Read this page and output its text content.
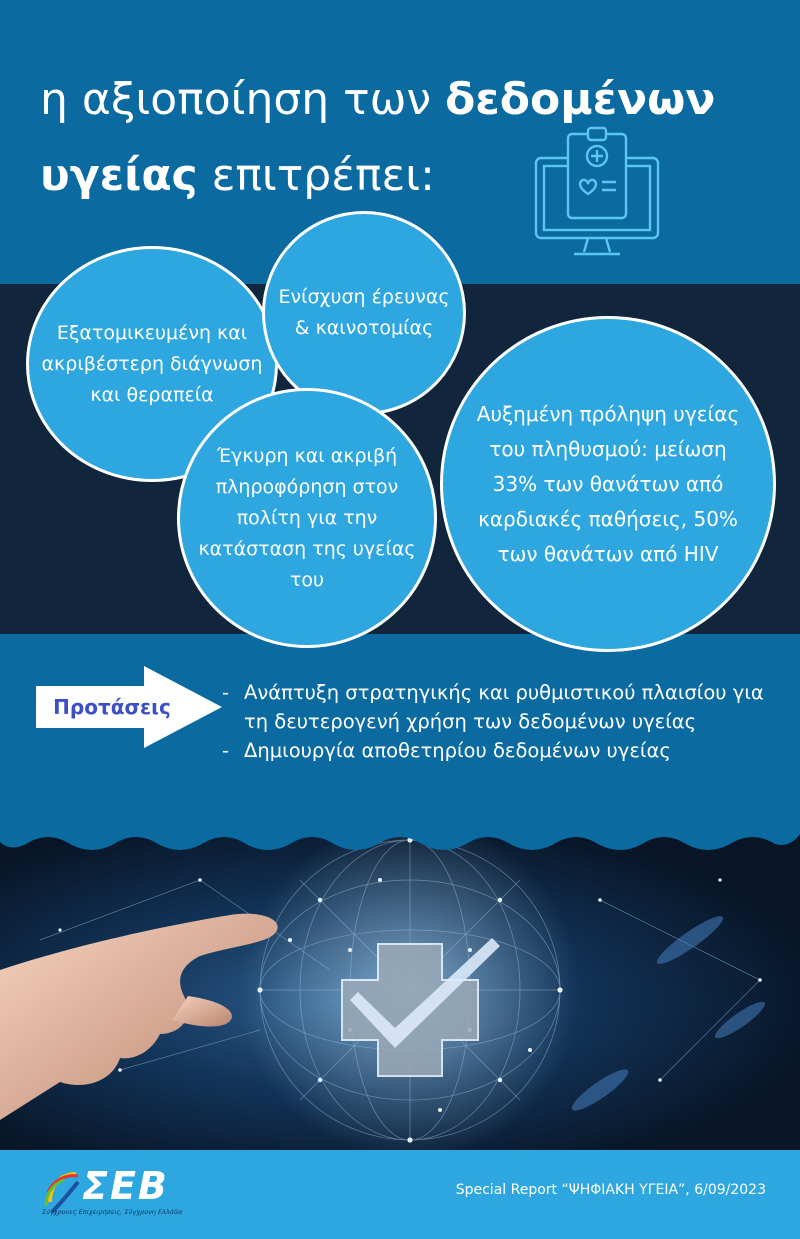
η αξιοποίηση των δεδομένων
υγείας επιτρέπει:
Εξατομικευμένη και ακριβέστερη διάγνωση και θεραπεία
Ενίσχυση έρευνας & καινοτομίας
Έγκυρη και ακριβή πληροφόρηση στον πολίτη για την κατάσταση της υγείας του
Αυξημένη πρόληψη υγείας του πληθυσμού: μείωση 33% των θανάτων από καρδιακές παθήσεις, 50% των θανάτων από HIV
Προτάσεις
- Ανάπτυξη στρατηγικής και ρυθμιστικού πλαισίου για τη δευτερογενή χρήση των δεδομένων υγείας
- Δημιουργία αποθετηρίου δεδομένων υγείας
ΣΕΒ
Σύγχρονες Επιχειρήσεις, Σύγχρονη Ελλάδα
Special Report “ΨΗΦΙΑΚΗ ΥΓΕΙΑ”, 6/09/2023
